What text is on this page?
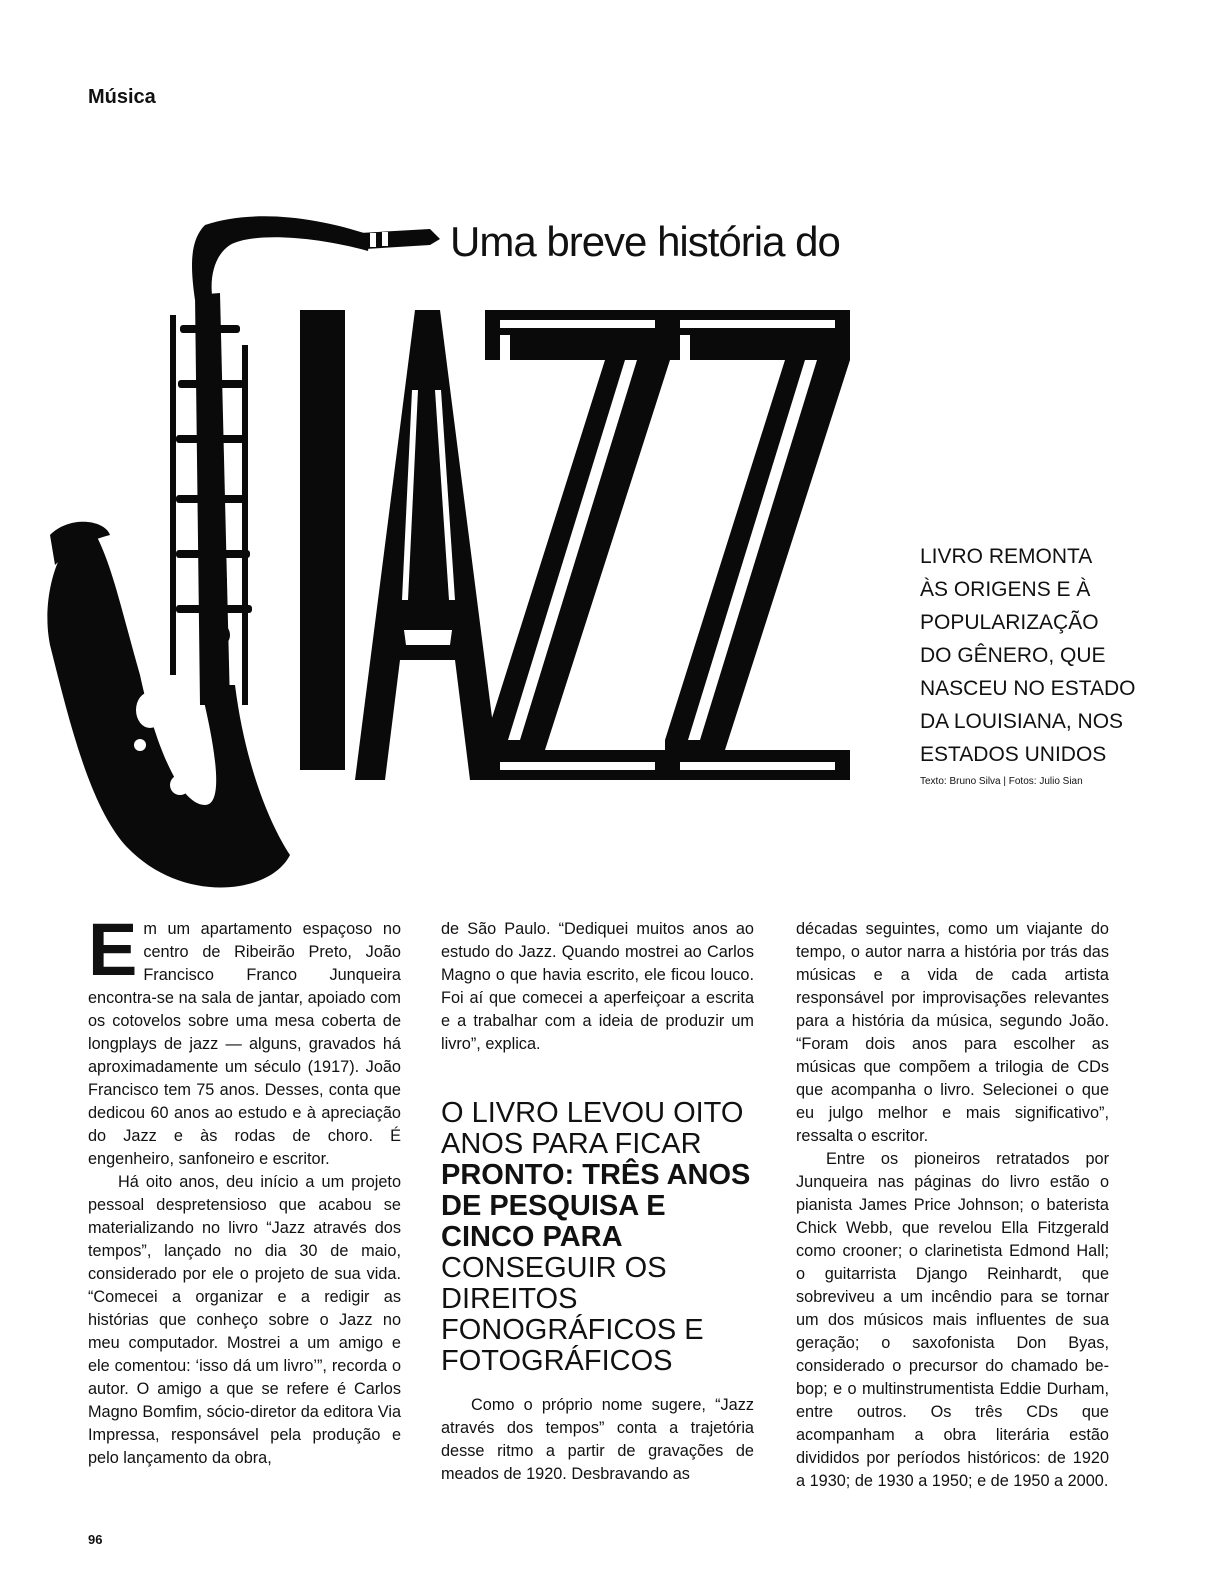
Música
Uma breve história do
JAZZ
LIVRO REMONTA
ÀS ORIGENS E À
POPULARIZAÇÃO
DO GÊNERO, QUE
NASCEU NO ESTADO
DA LOUISIANA, NOS
ESTADOS UNIDOS
Texto: Bruno Silva | Fotos: Julio Sian

Em um apartamento espaçoso no centro de Ribeirão Preto, João Francisco Franco Junqueira encontra-se na sala de jantar, apoiado com os cotovelos sobre uma mesa coberta de longplays de jazz — alguns, gravados há aproximadamente um século (1917). João Francisco tem 75 anos. Desses, conta que dedicou 60 anos ao estudo e à apreciação do Jazz e às rodas de choro. É engenheiro, sanfoneiro e escritor.

Há oito anos, deu início a um projeto pessoal despretensioso que acabou se materializando no livro “Jazz através dos tempos”, lançado no dia 30 de maio, considerado por ele o projeto de sua vida. “Comecei a organizar e a redigir as histórias que conheço sobre o Jazz no meu computador. Mostrei a um amigo e ele comentou: ‘isso dá um livro’”, recorda o autor. O amigo a que se refere é Carlos Magno Bomfim, sócio-diretor da editora Via Impressa, responsável pela produção e pelo lançamento da obra,

de São Paulo. “Dediquei muitos anos ao estudo do Jazz. Quando mostrei ao Carlos Magno o que havia escrito, ele ficou louco. Foi aí que comecei a aperfeiçoar a escrita e a trabalhar com a ideia de produzir um livro”, explica.

O LIVRO LEVOU OITO ANOS PARA FICAR PRONTO: TRÊS ANOS DE PESQUISA E CINCO PARA CONSEGUIR OS DIREITOS FONOGRÁFICOS E FOTOGRÁFICOS

Como o próprio nome sugere, “Jazz através dos tempos” conta a trajetória desse ritmo a partir de gravações de meados de 1920. Desbravando as

décadas seguintes, como um viajante do tempo, o autor narra a história por trás das músicas e a vida de cada artista responsável por improvisações relevantes para a história da música, segundo João. “Foram dois anos para escolher as músicas que compõem a trilogia de CDs que acompanha o livro. Selecionei o que eu julgo melhor e mais significativo”, ressalta o escritor.

Entre os pioneiros retratados por Junqueira nas páginas do livro estão o pianista James Price Johnson; o baterista Chick Webb, que revelou Ella Fitzgerald como crooner; o clarinetista Edmond Hall; o guitarrista Django Reinhardt, que sobreviveu a um incêndio para se tornar um dos músicos mais influentes de sua geração; o saxofonista Don Byas, considerado o precursor do chamado be-bop; e o multinstrumentista Eddie Durham, entre outros. Os três CDs que acompanham a obra literária estão divididos por períodos históricos: de 1920 a 1930; de 1930 a 1950; e de 1950 a 2000.

96
